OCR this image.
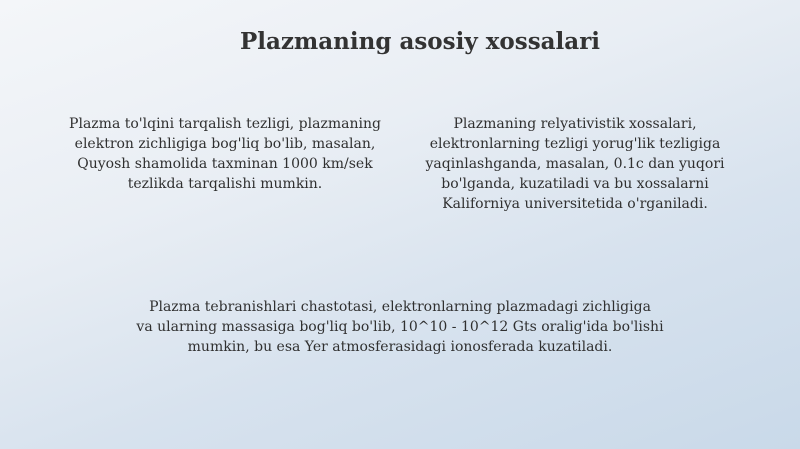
Plazmaning asosiy xossalari

Plazma to'lqini tarqalish tezligi, plazmaning
elektron zichligiga bog'liq bo'lib, masalan,
Quyosh shamolida taxminan 1000 km/sek
tezlikda tarqalishi mumkin.

Plazmaning relyativistik xossalari,
elektronlarning tezligi yorug'lik tezligiga
yaqinlashganda, masalan, 0.1c dan yuqori
bo'lganda, kuzatiladi va bu xossalarni
Kaliforniya universitetida o'rganiladi.

Plazma tebranishlari chastotasi, elektronlarning plazmadagi zichligiga
va ularning massasiga bog'liq bo'lib, 10^10 - 10^12 Gts oralig'ida bo'lishi
mumkin, bu esa Yer atmosferasidagi ionosferada kuzatiladi.
